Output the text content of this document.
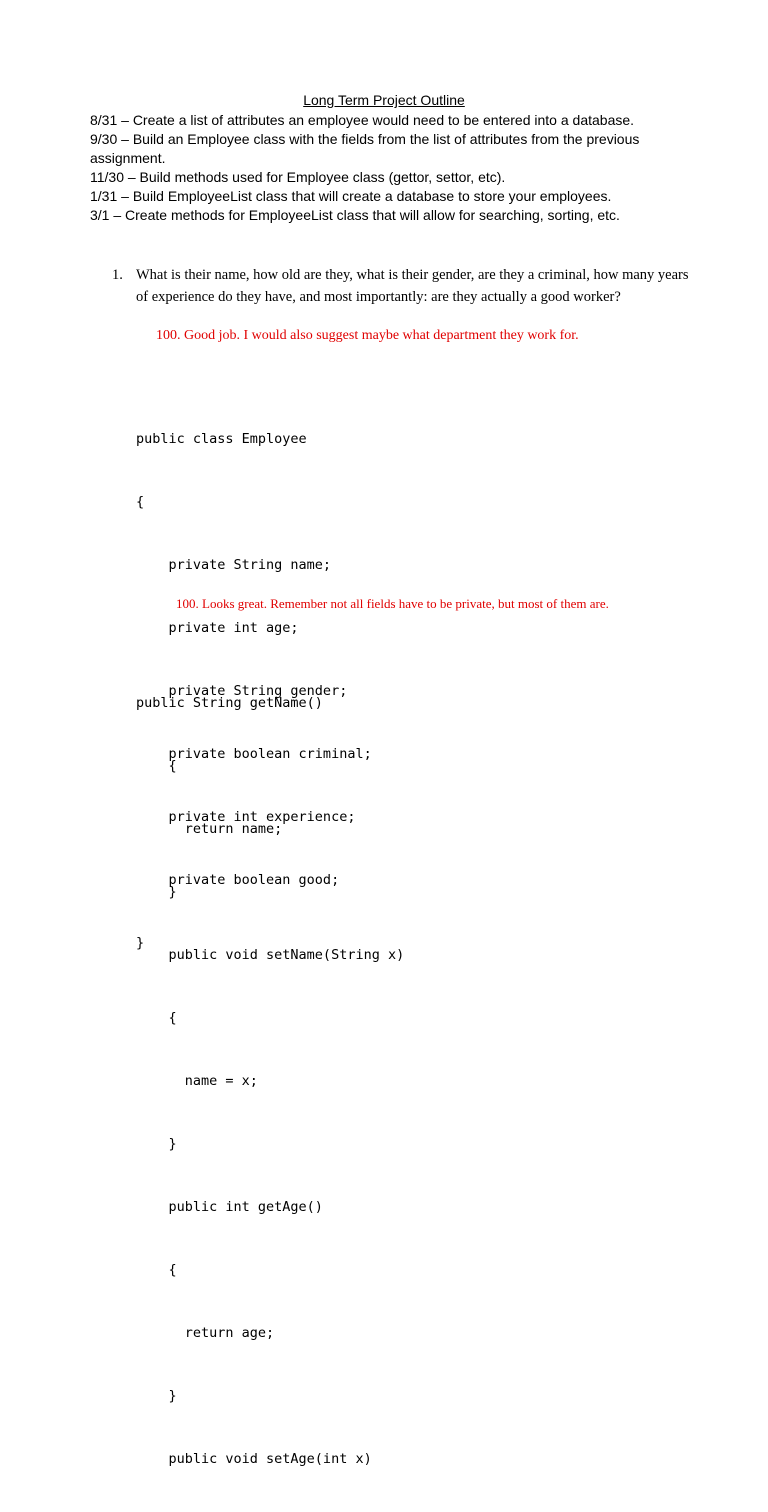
Long Term Project Outline
8/31 – Create a list of attributes an employee would need to be entered into a database.
9/30 – Build an Employee class with the fields from the list of attributes from the previous
assignment.
11/30 – Build methods used for Employee class (gettor, settor, etc).
1/31 – Build EmployeeList class that will create a database to store your employees.
3/1 – Create methods for EmployeeList class that will allow for searching, sorting, etc.
1. What is their name, how old are they, what is their gender, are they a criminal, how many years of experience do they have, and most importantly: are they actually a good worker?
100. Good job. I would also suggest maybe what department they work for.

public class Employee

{

private String name;

private int age;

private String gender;

private boolean criminal;

private int experience;

private boolean good;

}

100. Looks great. Remember not all fields have to be private, but most of them are.

public String getName()

{

return name;

}

public void setName(String x)

{

name = x;

}

public int getAge()

{

return age;

}

public void setAge(int x)
